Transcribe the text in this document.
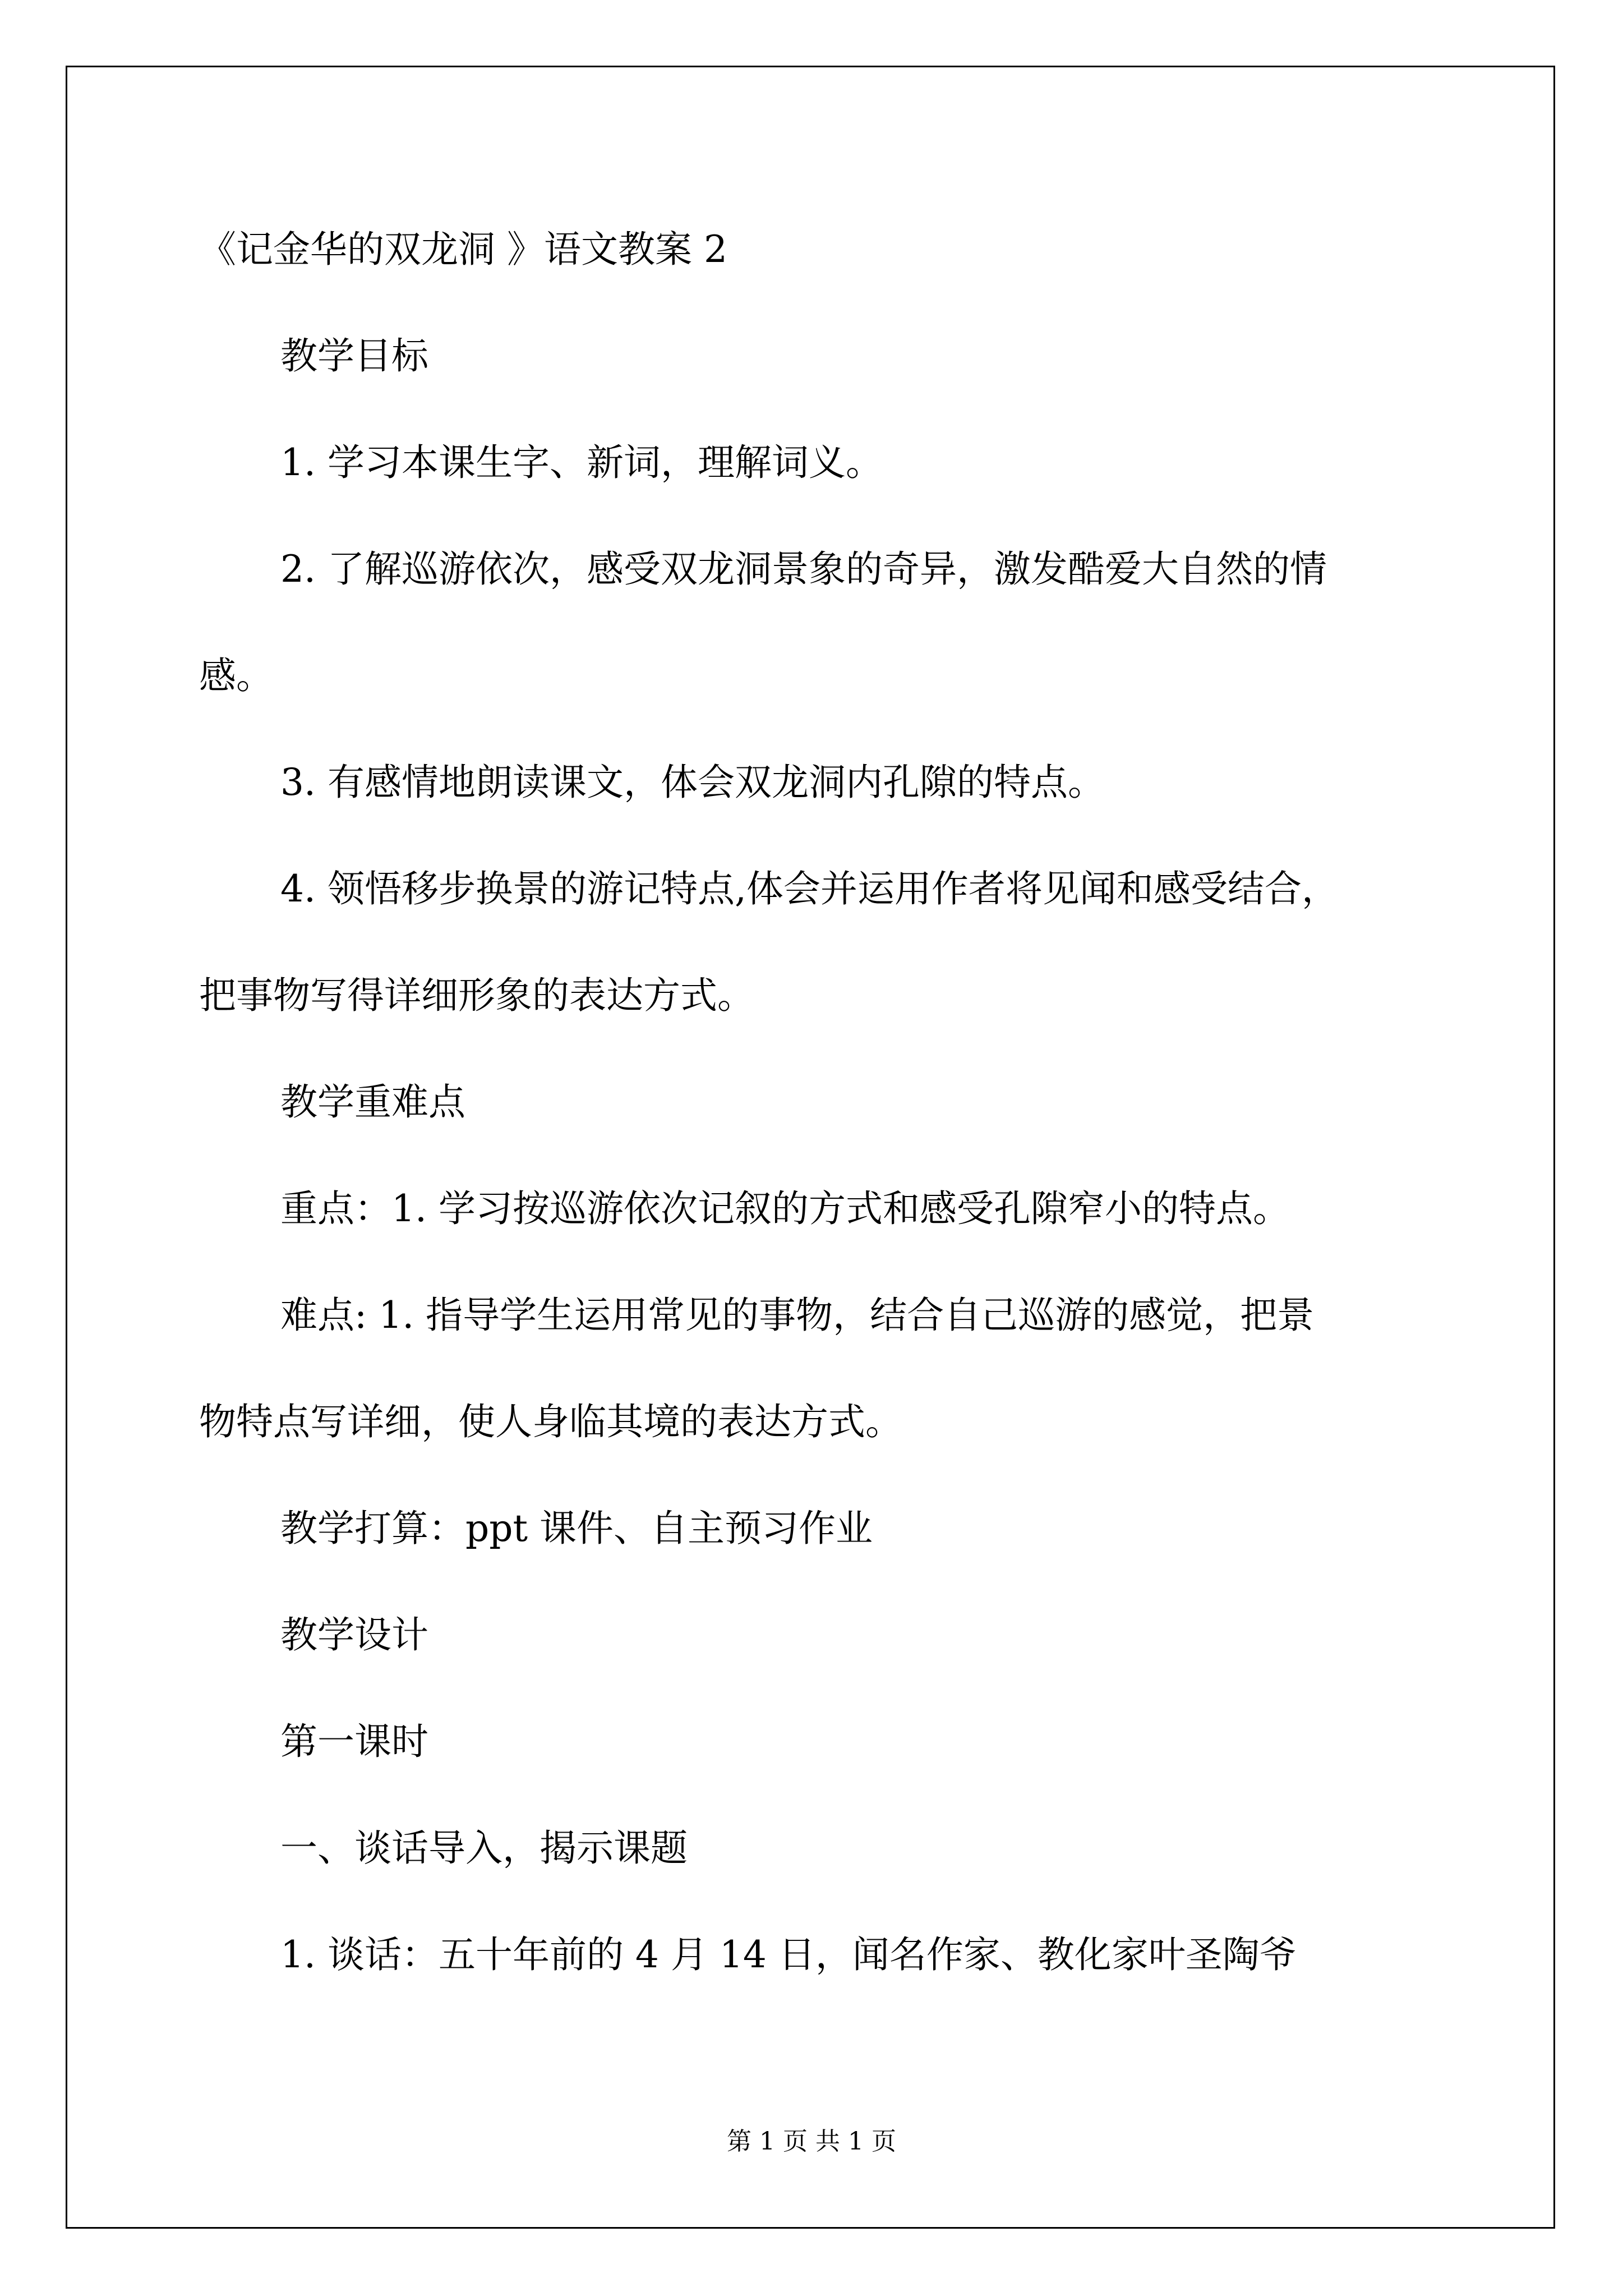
《记金华的双龙洞 》语文教案 2
教学目标
1. 学习本课生字、新词，理解词义。
2. 了解巡游依次，感受双龙洞景象的奇异，激发酷爱大自然的情
感。
3. 有感情地朗读课文，体会双龙洞内孔隙的特点。
4. 领悟移步换景的游记特点,体会并运用作者将见闻和感受结合，
把事物写得详细形象的表达方式。
教学重难点
重点：1. 学习按巡游依次记叙的方式和感受孔隙窄小的特点。
难点: 1. 指导学生运用常见的事物，结合自己巡游的感觉，把景
物特点写详细，使人身临其境的表达方式。
教学打算：ppt 课件、自主预习作业
教学设计
第一课时
一、谈话导入，揭示课题
1. 谈话：五十年前的 4 月 14 日，闻名作家、教化家叶圣陶爷
第 1 页 共 1 页
